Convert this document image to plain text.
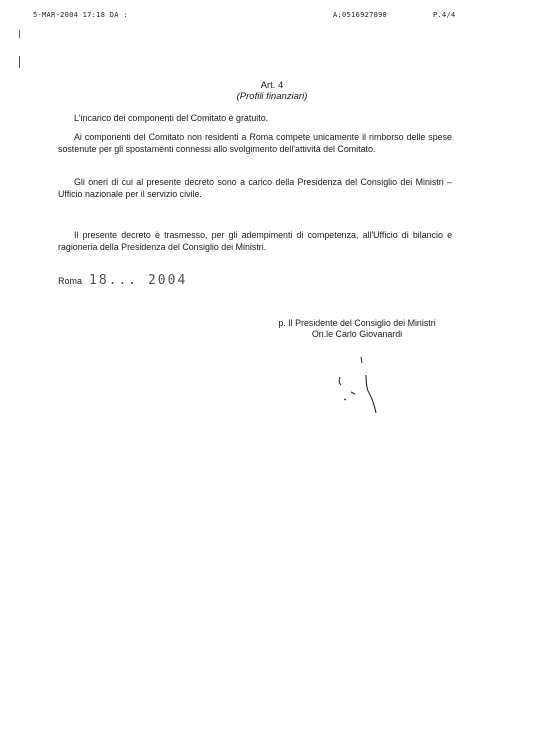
5-MAR-2004 17:18 DA :	A:0516927898	P.4/4
Art. 4
(Profili finanziari)

L'incarico dei componenti del Comitato è gratuito.

Ai componenti del Comitato non residenti a Roma compete unicamente il rimborso delle spese sostenute per gli spostamenti connessi allo svolgimento dell'attività del Comitato.

Gli oneri di cui al presente decreto sono a carico della Presidenza del Consiglio dei Ministri – Ufficio nazionale per il servizio civile.

Il presente decreto è trasmesso, per gli adempimenti di competenza, all'Ufficio di bilancio e ragioneria della Presidenza del Consiglio dei Ministri.

Roma 18... 2004
p. Il Presidente del Consiglio dei Ministri
On.le Carlo Giovanardi
